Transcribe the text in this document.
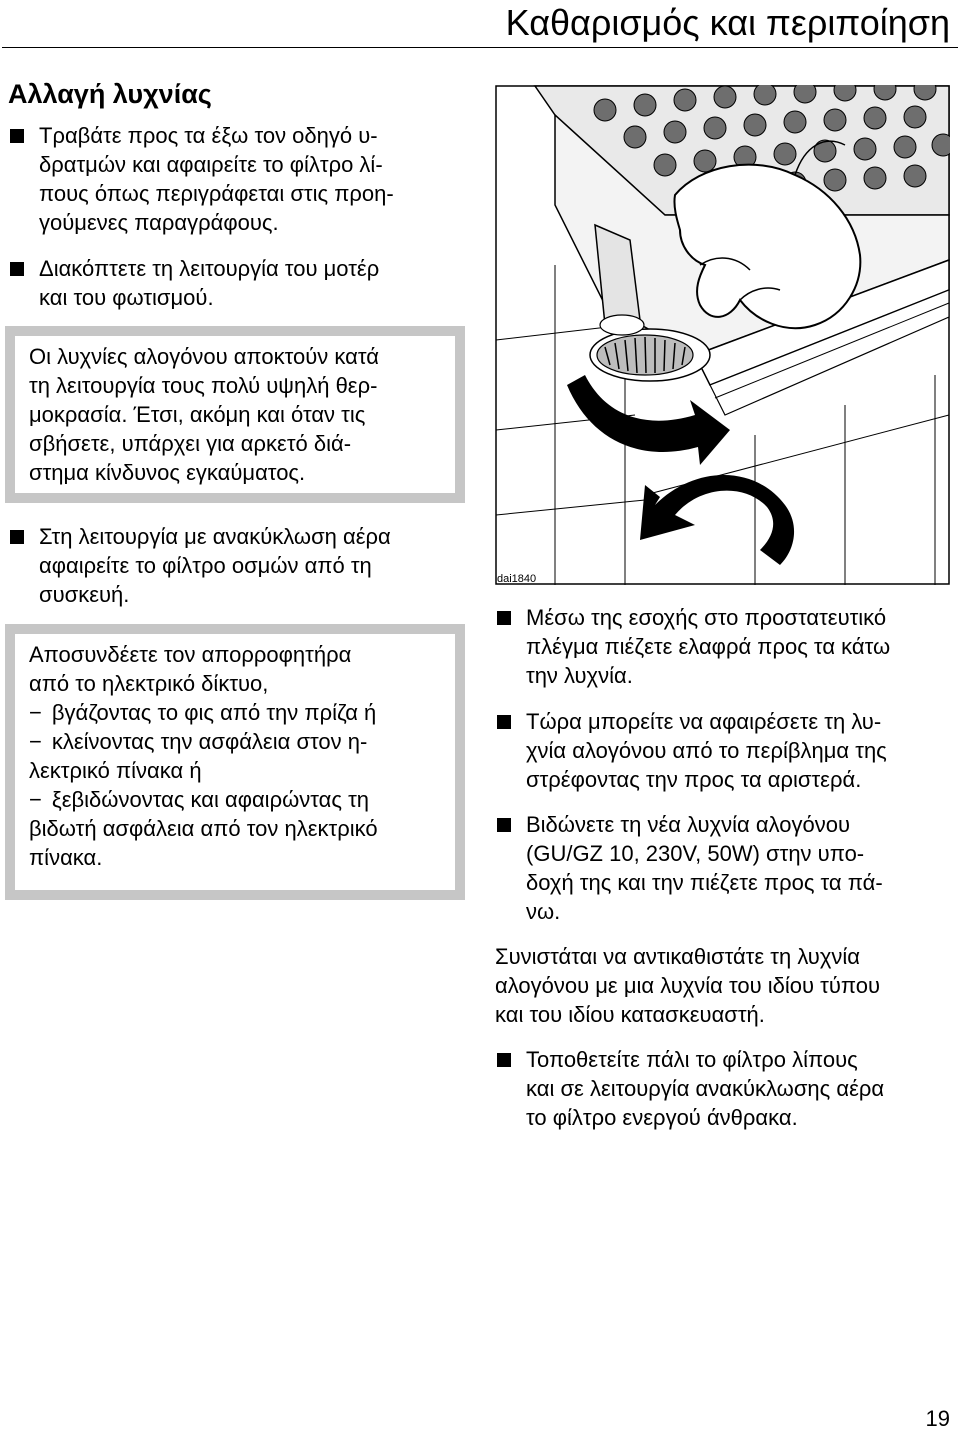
Καθαρισμός και περιποίηση
Αλλαγή λυχνίας
Τραβάτε προς τα έξω τον οδηγό υ-
δρατμών και αφαιρείτε το φίλτρο λί-
πους όπως περιγράφεται στις προη-
γούμενες παραγράφους.
Διακόπτετε τη λειτουργία του μοτέρ
και του φωτισμού.

Οι λυχνίες αλογόνου αποκτούν κατά
τη λειτουργία τους πολύ υψηλή θερ-
μοκρασία. Έτσι, ακόμη και όταν τις
σβήσετε, υπάρχει για αρκετό διά-
στημα κίνδυνος εγκαύματος.

Στη λειτουργία με ανακύκλωση αέρα
αφαιρείτε το φίλτρο οσμών από τη
συσκευή.

Αποσυνδέετε τον απορροφητήρα
από το ηλεκτρικό δίκτυο,

− βγάζοντας το φις από την πρίζα ή
− κλείνοντας την ασφάλεια στον η-
λεκτρικό πίνακα ή
− ξεβιδώνοντας και αφαιρώντας τη
βιδωτή ασφάλεια από τον ηλεκτρικό
πίνακα.
dai1840
Μέσω της εσοχής στο προστατευτικό
πλέγμα πιέζετε ελαφρά προς τα κάτω
την λυχνία.
Τώρα μπορείτε να αφαιρέσετε τη λυ-
χνία αλογόνου από το περίβλημα της
στρέφοντας την προς τα αριστερά.
Βιδώνετε τη νέα λυχνία αλογόνου
(GU/GZ 10, 230V, 50W) στην υπο-
δοχή της και την πιέζετε προς τα πά-
νω.

Συνιστάται να αντικαθιστάτε τη λυχνία
αλογόνου με μια λυχνία του ιδίου τύπου
και του ιδίου κατασκευαστή.

Τοποθετείτε πάλι το φίλτρο λίπους
και σε λειτουργία ανακύκλωσης αέρα
το φίλτρο ενεργού άνθρακα.
19
